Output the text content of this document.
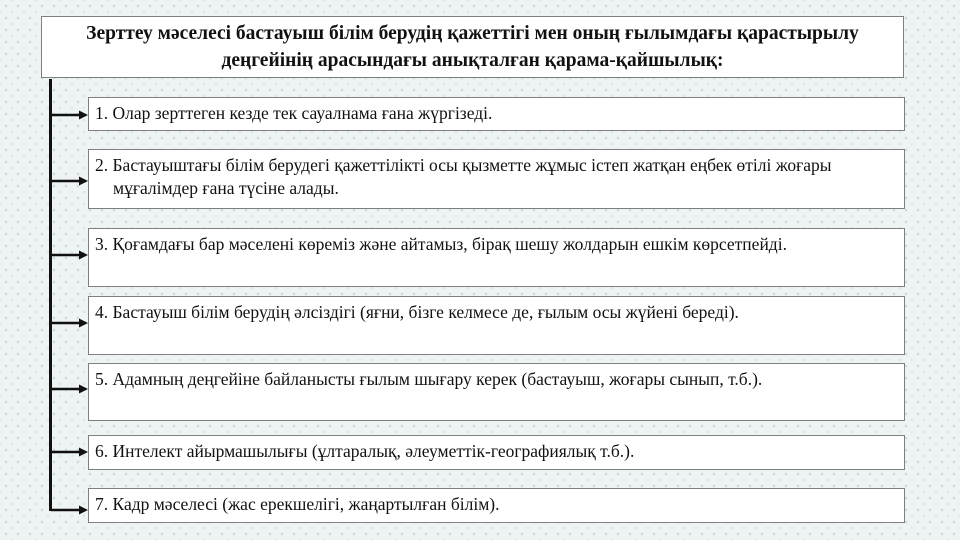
Зерттеу мәселесі бастауыш білім берудің қажеттігі мен оның ғылымдағы қарастырылу деңгейінің арасындағы анықталған қарама-қайшылық:
1. Олар зерттеген кезде тек сауалнама ғана жүргізеді.
2. Бастауыштағы білім берудегі қажеттілікті осы қызметте жұмыс істеп жатқан еңбек өтілі жоғары мұғалімдер ғана түсіне алады.
3. Қоғамдағы бар мәселені көреміз және айтамыз, бірақ шешу жолдарын ешкім көрсетпейді.
4. Бастауыш білім берудің әлсіздігі (яғни, бізге келмесе де, ғылым осы жүйені береді).
5. Адамның деңгейіне байланысты ғылым шығару керек (бастауыш, жоғары сынып, т.б.).
6. Интелект айырмашылығы (ұлтаралық, әлеуметтік-географиялық т.б.).
7. Кадр мәселесі (жас ерекшелігі, жаңартылған білім).
